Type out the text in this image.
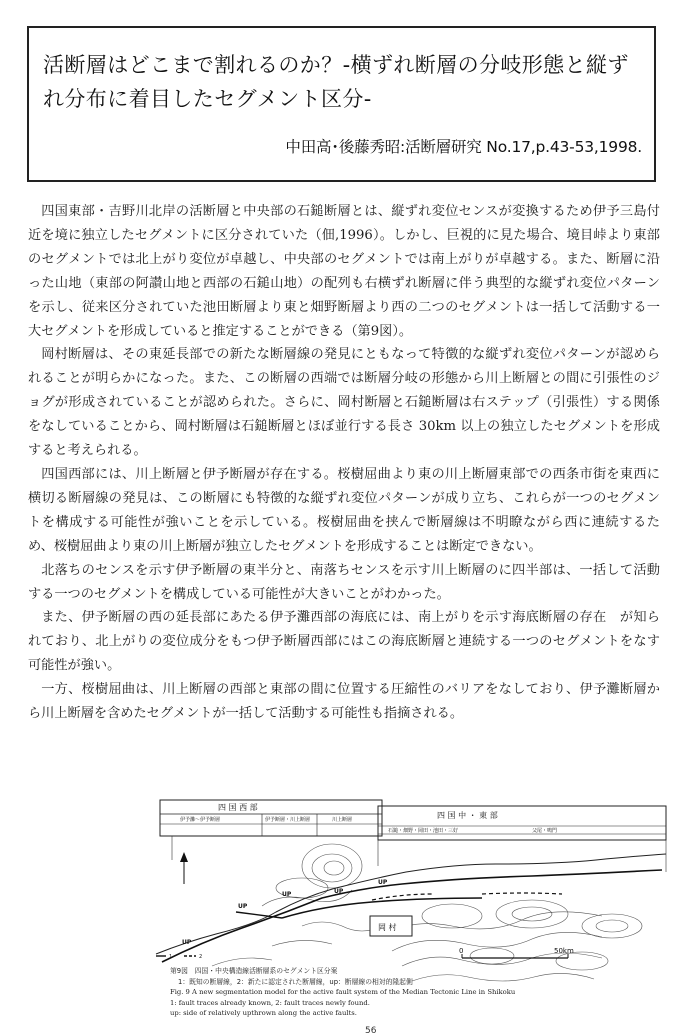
活断層はどこまで割れるのか？-横ずれ断層の分岐形態と縦ずれ分布に着目したセグメント区分-
中田高･後藤秀昭:活断層研究 No.17,p.43-53,1998.

四国東部・吉野川北岸の活断層と中央部の石鎚断層とは、縦ずれ変位センスが変換するため伊予三島付近を境に独立したセグメントに区分されていた（佃,1996）。しかし、巨視的に見た場合、境目峠より東部のセグメントでは北上がり変位が卓越し、中央部のセグメントでは南上がりが卓越する。また、断層に沿った山地（東部の阿讃山地と西部の石鎚山地）の配列も右横ずれ断層に伴う典型的な縦ずれ変位パターンを示し、従来区分されていた池田断層より東と畑野断層より西の二つのセグメントは一括して活動する一大セグメントを形成していると推定することができる（第9図）。

岡村断層は、その東延長部での新たな断層線の発見にともなって特徴的な縦ずれ変位パターンが認められることが明らかになった。また、この断層の西端では断層分岐の形態から川上断層との間に引張性のジョグが形成されていることが認められた。さらに、岡村断層と石鎚断層は右ステップ（引張性）する関係をなしていることから、岡村断層は石鎚断層とほぼ並行する長さ 30km 以上の独立したセグメントを形成すると考えられる。

四国西部には、川上断層と伊予断層が存在する。桜樹屈曲より東の川上断層東部での西条市街を東西に横切る断層線の発見は、この断層にも特徴的な縦ずれ変位パターンが成り立ち、これらが一つのセグメントを構成する可能性が強いことを示している。桜樹屈曲を挟んで断層線は不明瞭ながら西に連続するため、桜樹屈曲より東の川上断層が独立したセグメントを形成することは断定できない。

北落ちのセンスを示す伊予断層の東半分と、南落ちセンスを示す川上断層のに四半部は、一括して活動する一つのセグメントを構成している可能性が大きいことがわかった。

また、伊予断層の西の延長部にあたる伊予灘西部の海底には、南上がりを示す海底断層の存在　が知られており、北上がりの変位成分をもつ伊予断層西部にはこの海底断層と連続する一つのセグメントをなす可能性が強い。

一方、桜樹屈曲は、川上断層の西部と東部の間に位置する圧縮性のバリアをなしており、伊予灘断層から川上断層を含めたセグメントが一括して活動する可能性も指摘される。

四 国 西 部
伊予灘～伊予断層	伊予断層・川上断層	川上断層	四 国 中 ・ 東 部
石鎚・畑野・岡田・池田・三好	父尾・鳴門
UP
UP	UP
UP
UP
岡 村
1	2
0	50km
第9図　四国・中央構造線活断層系のセグメント区分案
1：既知の断層線，2：新たに認定された断層線，up：断層線の相対的隆起側
Fig. 9 A new segmentation model for the active fault system of the Median Tectonic Line in Shikoku
1: fault traces already known, 2: fault traces newly found.
up: side of relatively upthrown along the active faults.
56
